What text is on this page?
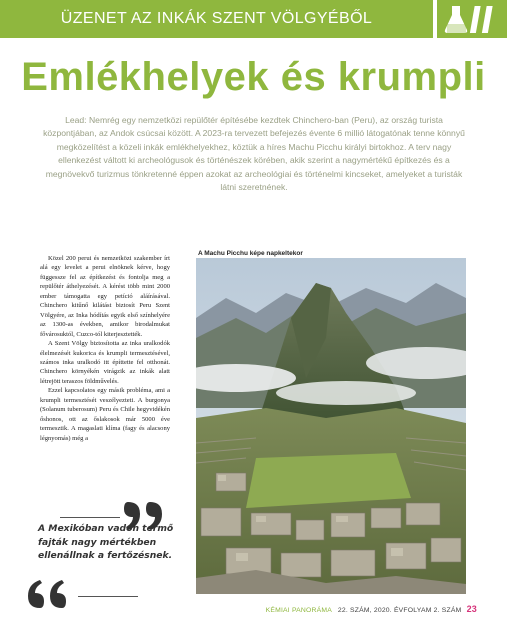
ÜZENET AZ INKÁK SZENT VÖLGYÉBŐL
Emlékhelyek és krumpli

Lead: Nemrég egy nemzetközi repülőtér építésébe kezdtek Chinchero-ban (Peru), az ország turista központjában, az Andok csúcsai között. A 2023-ra tervezett befejezés évente 6 millió látogatónak tenne könnyű megközelítést a közeli inkák emlékhelyekhez, köztük a híres Machu Picchu királyi birtokhoz. A terv nagy ellenkezést váltott ki archeológusok és történészek körében, akik szerint a nagymértékű építkezés és a megnövekvő turizmus tönkretenné éppen azokat az archeológiai és történelmi kincseket, amelyeket a turisták látni szeretnének.

Közel 200 perui és nemzetközi szakember írt alá egy levelet a perui elnöknek kérve, hogy függessze fel az építkezést és fontolja meg a repülőtér áthelyezését. A kérést több mint 2000 ember támogatta egy petíció aláírásával. Chinchero kitűnő kilátást biztosít Peru Szent Völgyére, az Inka hódítás egyik első színhelyére az 1300-as években, amikor birodalmukat fővárosuktól, Cuzco-tól kiterjesztették.

A Szent Völgy biztosította az inka uralkodók élelmezését kukorica és krumpli termesztésével, számos inka uralkodó itt építtette fel otthonát. Chinchero környékén virágzik az inkák alatt létrejött teraszos földművelés.

Ezzel kapcsolatos egy másik probléma, ami a krumpli termesztését veszélyezteti. A burgonya (Solanum tuberosum) Peru és Chile hegyvidékén őshonos, ott az őslakosok már 5000 éve termesztik. A magaslati klíma (fagy és alacsony légnyomás) még a

A Machu Picchu képe napkeltekor

A Mexikóban vadon termő fajták nagy mértékben ellenállnak a fertőzésnek.

KÉMIAI PANORÁMA 22. SZÁM, 2020. ÉVFOLYAM 2. SZÁM 23
